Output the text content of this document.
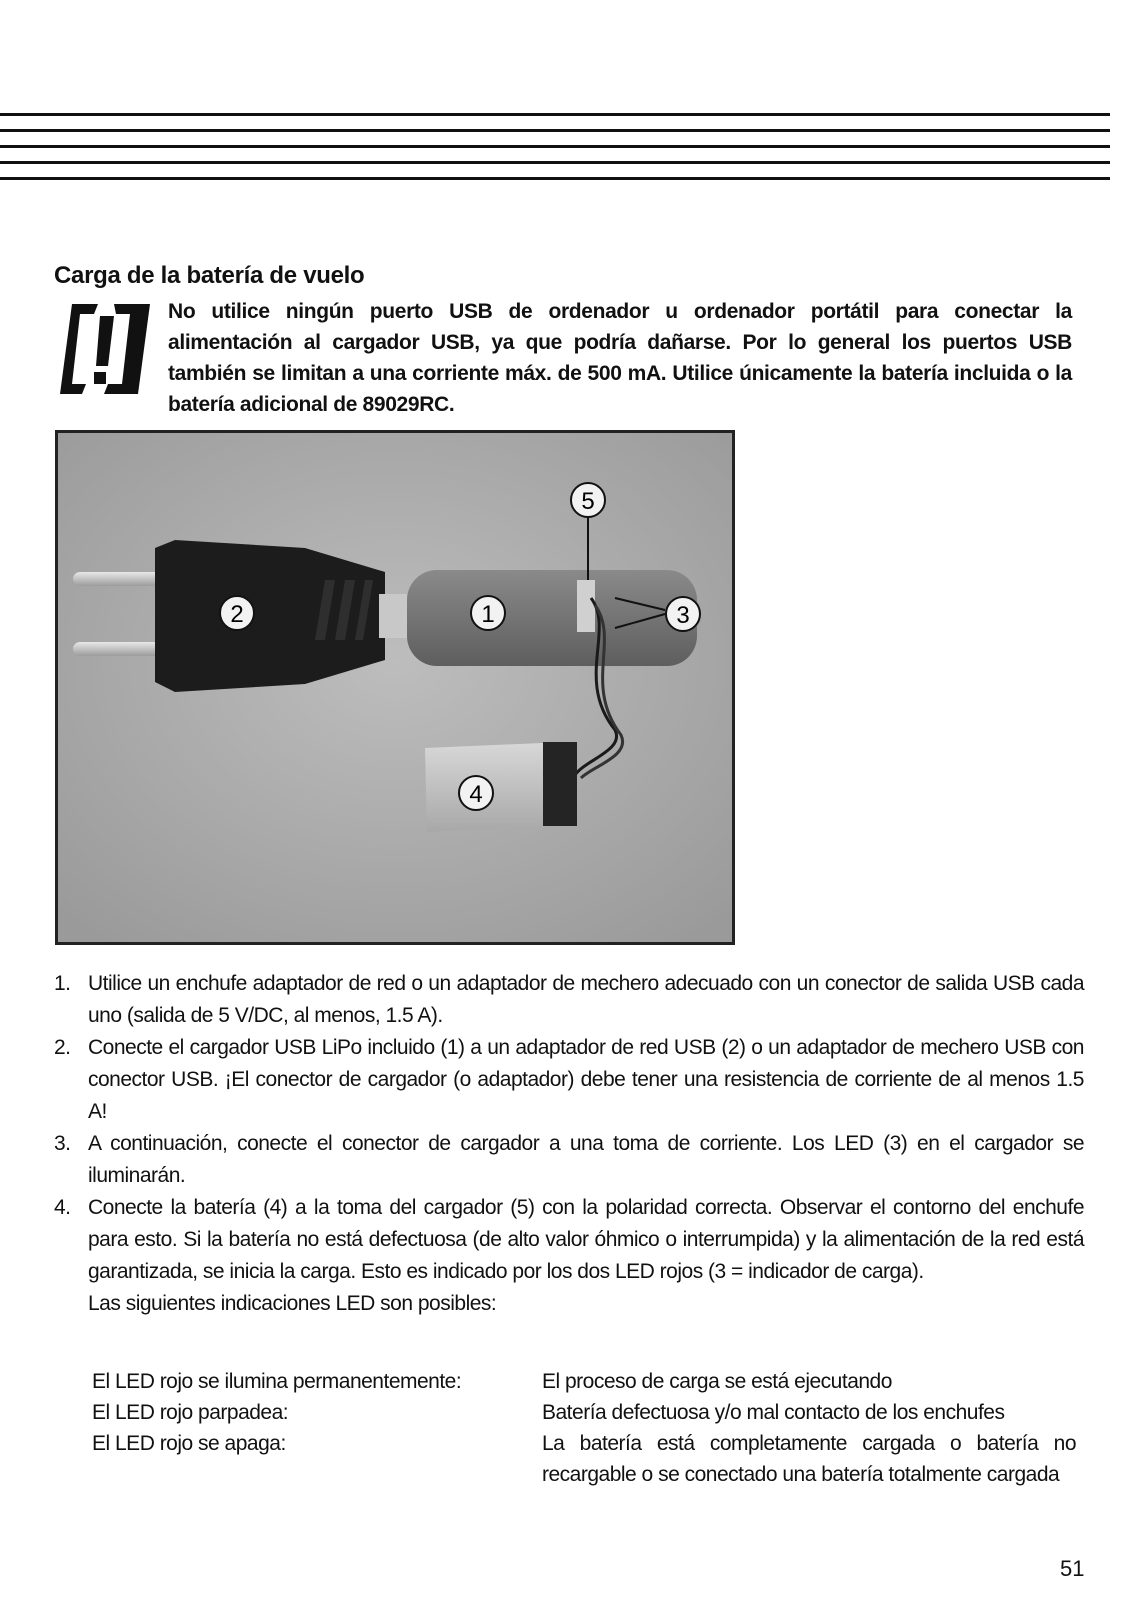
Carga de la batería de vuelo
No utilice ningún puerto USB de ordenador u ordenador portátil para conectar la alimentación al cargador USB, ya que podría dañarse. Por lo general los puertos USB también se limitan a una corriente máx. de 500 mA. Utilice únicamente la batería incluida o la batería adicional de 89029RC.
1
2	3
4
5
1. Utilice un enchufe adaptador de red o un adaptador de mechero adecuado con un conector de salida USB cada uno (salida de 5 V/DC, al menos, 1.5 A).
2. Conecte el cargador USB LiPo incluido (1) a un adaptador de red USB (2) o un adaptador de mechero USB con conector USB. ¡El conector de cargador (o adaptador) debe tener una resistencia de corriente de al menos 1.5 A!
3. A continuación, conecte el conector de cargador a una toma de corriente. Los LED (3) en el cargador se iluminarán.
4. Conecte la batería (4) a la toma del cargador (5) con la polaridad correcta. Observar el contorno del enchufe para esto. Si la batería no está defectuosa (de alto valor óhmico o interrumpida) y la alimentación de la red está garantizada, se inicia la carga. Esto es indicado por los dos LED rojos (3 = indicador de carga).
Las siguientes indicaciones LED son posibles:
El LED rojo se ilumina permanentemente:	El proceso de carga se está ejecutando
El LED rojo parpadea:	Batería defectuosa y/o mal contacto de los enchufes
El LED rojo se apaga:	La batería está completamente cargada o batería no recargable o se conectado una batería totalmente cargada
51
